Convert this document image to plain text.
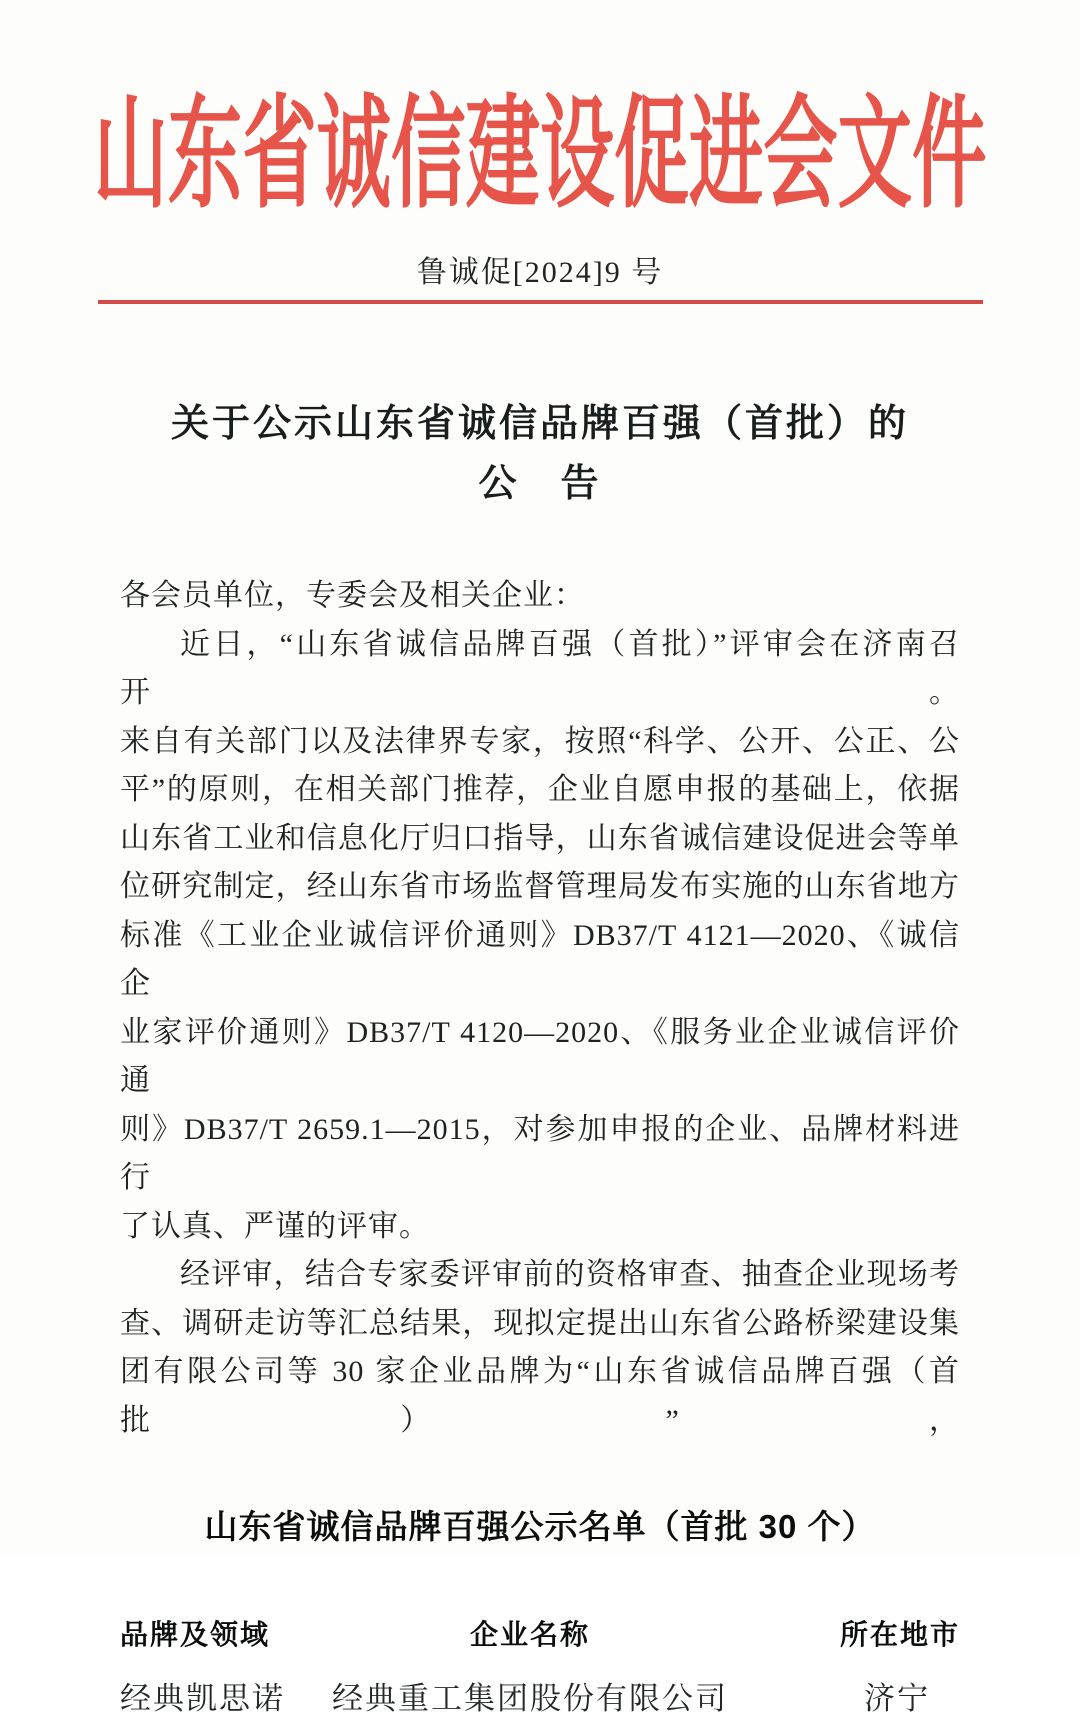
山东省诚信建设促进会文件
鲁诚促[2024]9 号
关于公示山东省诚信品牌百强（首批）的
公　告
各会员单位，专委会及相关企业：
近日，“山东省诚信品牌百强（首批）”评审会在济南召开。
来自有关部门以及法律界专家，按照“科学、公开、公正、公
平”的原则，在相关部门推荐，企业自愿申报的基础上，依据
山东省工业和信息化厅归口指导，山东省诚信建设促进会等单
位研究制定，经山东省市场监督管理局发布实施的山东省地方
标准《工业企业诚信评价通则》DB37/T 4121—2020、《诚信企
业家评价通则》DB37/T 4120—2020、《服务业企业诚信评价通
则》DB37/T 2659.1—2015，对参加申报的企业、品牌材料进行
了认真、严谨的评审。
经评审，结合专家委评审前的资格审查、抽查企业现场考
查、调研走访等汇总结果，现拟定提出山东省公路桥梁建设集
团有限公司等 30 家企业品牌为“山东省诚信品牌百强（首批）”，
山东省诚信品牌百强公示名单（首批 30 个）
品牌及领域	企业名称	所在地市
经典凯思诺	经典重工集团股份有限公司	济宁
